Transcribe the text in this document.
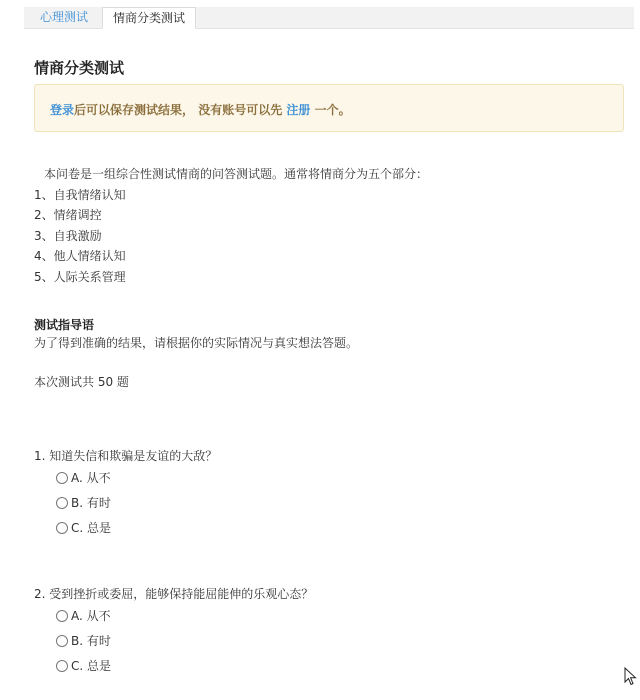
心理测试	情商分类测试
情商分类测试
登录后可以保存测试结果， 没有账号可以先 注册 一个。
本问卷是一组综合性测试情商的问答测试题。通常将情商分为五个部分：
1、自我情绪认知
2、情绪调控
3、自我激励
4、他人情绪认知
5、人际关系管理
测试指导语
为了得到准确的结果，请根据你的实际情况与真实想法答题。
本次测试共 50 题
1. 知道失信和欺骗是友谊的大敌？
A. 从不
B. 有时
C. 总是
2. 受到挫折或委屈，能够保持能屈能伸的乐观心态？
A. 从不
B. 有时
C. 总是
